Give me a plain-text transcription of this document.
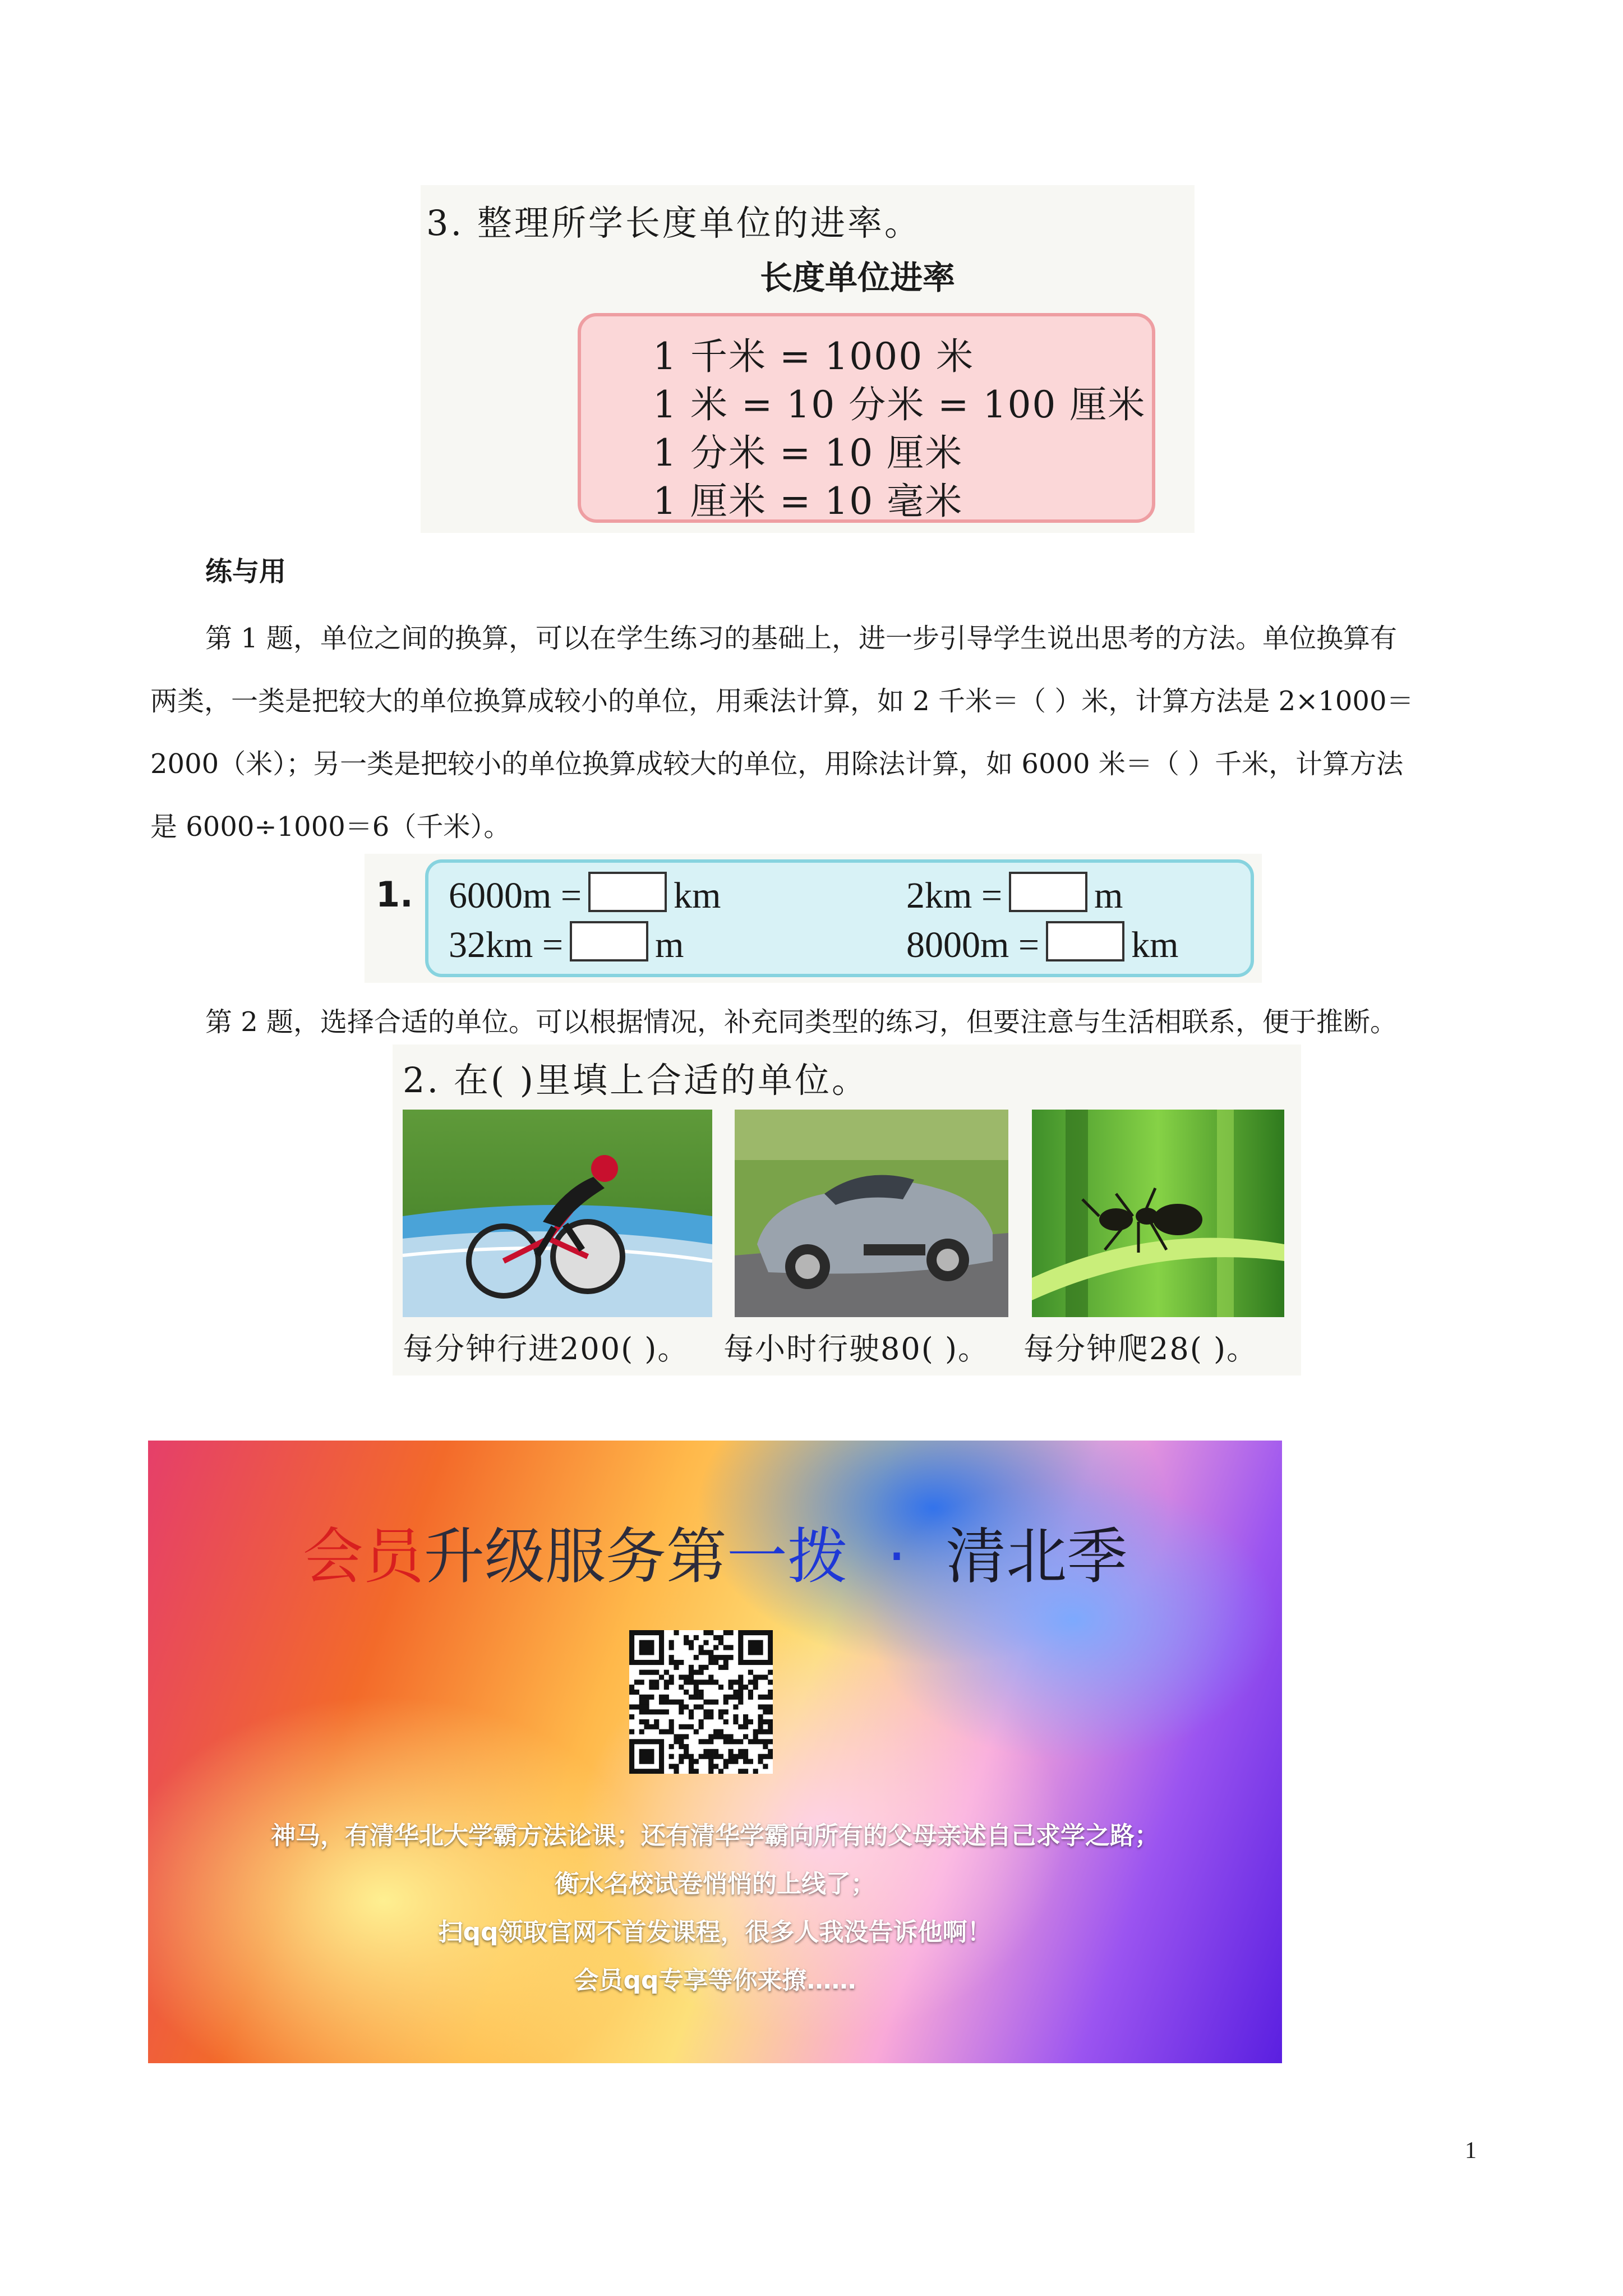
3. 整理所学长度单位的进率。
长度单位进率
1 千米 = 1000 米
1 米 = 10 分米 = 100 厘米
1 分米 = 10 厘米
1 厘米 = 10 毫米
练与用
第 1 题，单位之间的换算，可以在学生练习的基础上，进一步引导学生说出思考的方法。单位换算有
两类，一类是把较大的单位换算成较小的单位，用乘法计算，如 2 千米＝（ ）米，计算方法是 2×1000＝
2000（米）；另一类是把较小的单位换算成较大的单位，用除法计算，如 6000 米＝（ ）千米，计算方法
是 6000÷1000＝6（千米）。
1. 6000m = km	2km = m
32km = m	8000m = km
第 2 题，选择合适的单位。可以根据情况，补充同类型的练习，但要注意与生活相联系，便于推断。
2. 在( )里填上合适的单位。
每分钟行进200( )。 每小时行驶80( )。 每分钟爬28( )。
会员升级服务第一拨 · 清北季
神马，有清华北大学霸方法论课；还有清华学霸向所有的父母亲述自己求学之路；
衡水名校试卷悄悄的上线了；
扫qq领取官网不首发课程，很多人我没告诉他啊！
会员qq专享等你来撩……
1
